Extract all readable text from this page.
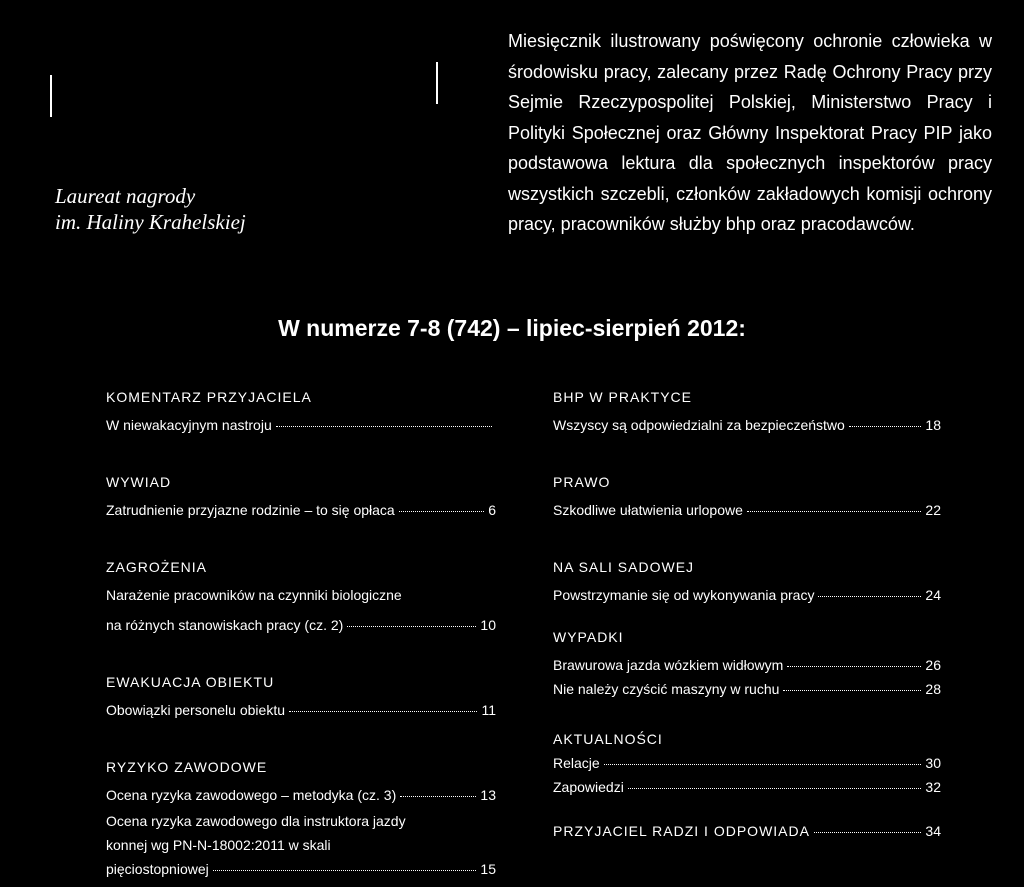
Laureat nagrody
im. Haliny Krahelskiej
Miesięcznik ilustrowany poświęcony ochronie człowieka w środowisku pracy, zalecany przez Radę Ochrony Pracy przy Sejmie Rzeczypospolitej Polskiej, Ministerstwo Pracy i Polityki Społecznej oraz Główny Inspektorat Pracy PIP jako podstawowa lektura dla społecznych inspektorów pracy wszystkich szczebli, członków zakładowych komisji ochrony pracy, pracowników służby bhp oraz pracodawców.
W numerze 7-8 (742) – lipiec-sierpień 2012:
KOMENTARZ PRZYJACIELA
W niewakacyjnym nastroju
WYWIAD
Zatrudnienie przyjazne rodzinie – to się opłaca	6
ZAGROŻENIA
Narażenie pracowników na czynniki biologiczne
na różnych stanowiskach pracy (cz. 2)	10
EWAKUACJA OBIEKTU
Obowiązki personelu obiektu	11
RYZYKO ZAWODOWE
Ocena ryzyka zawodowego – metodyka (cz. 3)	13
Ocena ryzyka zawodowego dla instruktora jazdy
konnej wg PN-N-18002:2011 w skali
pięciostopniowej	15
BHP W PRAKTYCE
Wszyscy są odpowiedzialni za bezpieczeństwo	18
PRAWO
Szkodliwe ułatwienia urlopowe	22
NA SALI SADOWEJ
Powstrzymanie się od wykonywania pracy	24
WYPADKI
Brawurowa jazda wózkiem widłowym	26
Nie należy czyścić maszyny w ruchu	28
AKTUALNOŚCI
Relacje	30
Zapowiedzi	32
PRZYJACIEL RADZI I ODPOWIADA	34
